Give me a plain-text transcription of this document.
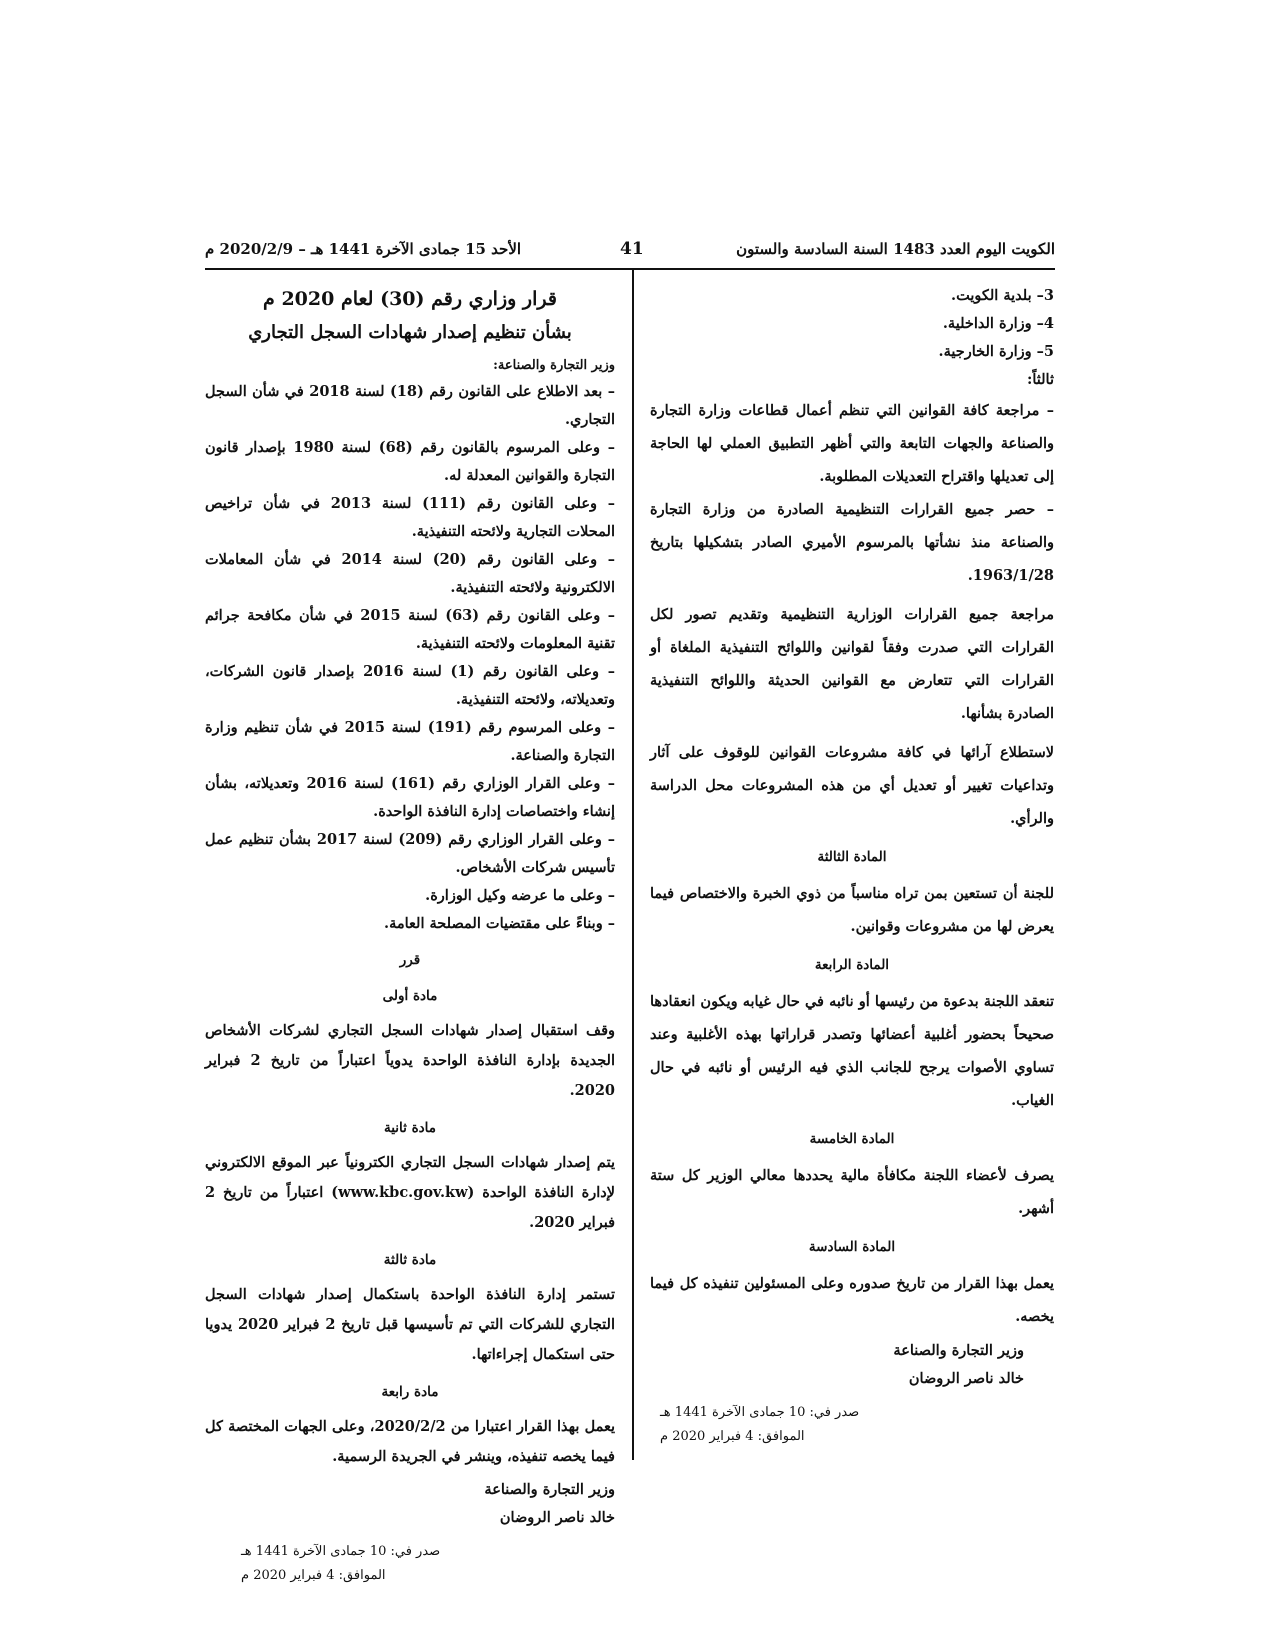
الكويت اليوم العدد 1483 السنة السادسة والستون
41
الأحد 15 جمادى الآخرة 1441 هـ – 2020/2/9 م

3– بلدية الكويت.

4– وزارة الداخلية.

5– وزارة الخارجية.

ثالثاً:

– مراجعة كافة القوانين التي تنظم أعمال قطاعات وزارة التجارة والصناعة والجهات التابعة والتي أظهر التطبيق العملي لها الحاجة إلى تعديلها واقتراح التعديلات المطلوبة.

– حصر جميع القرارات التنظيمية الصادرة من وزارة التجارة والصناعة منذ نشأتها بالمرسوم الأميري الصادر بتشكيلها بتاريخ 1963/1/28.

مراجعة جميع القرارات الوزارية التنظيمية وتقديم تصور لكل القرارات التي صدرت وفقاً لقوانين واللوائح التنفيذية الملغاة أو القرارات التي تتعارض مع القوانين الحديثة واللوائح التنفيذية الصادرة بشأنها.

لاستطلاع آرائها في كافة مشروعات القوانين للوقوف على آثار وتداعيات تغيير أو تعديل أي من هذه المشروعات محل الدراسة والرأي.

المادة الثالثة

للجنة أن تستعين بمن تراه مناسباً من ذوي الخبرة والاختصاص فيما يعرض لها من مشروعات وقوانين.

المادة الرابعة

تنعقد اللجنة بدعوة من رئيسها أو نائبه في حال غيابه ويكون انعقادها صحيحاً بحضور أغلبية أعضائها وتصدر قراراتها بهذه الأغلبية وعند تساوي الأصوات يرجح للجانب الذي فيه الرئيس أو نائبه في حال الغياب.

المادة الخامسة

يصرف لأعضاء اللجنة مكافأة مالية يحددها معالي الوزير كل ستة أشهر.

المادة السادسة

يعمل بهذا القرار من تاريخ صدوره وعلى المسئولين تنفيذه كل فيما يخصه.

وزير التجارة والصناعة

خالد ناصر الروضان

صدر في: 10 جمادى الآخرة 1441 هـ

الموافق: 4 فبراير 2020 م

قرار وزاري رقم (30) لعام 2020 م

بشأن تنظيم إصدار شهادات السجل التجاري

وزير التجارة والصناعة:

– بعد الاطلاع على القانون رقم (18) لسنة 2018 في شأن السجل التجاري.

– وعلى المرسوم بالقانون رقم (68) لسنة 1980 بإصدار قانون التجارة والقوانين المعدلة له.

– وعلى القانون رقم (111) لسنة 2013 في شأن تراخيص المحلات التجارية ولائحته التنفيذية.

– وعلى القانون رقم (20) لسنة 2014 في شأن المعاملات الالكترونية ولائحته التنفيذية.

– وعلى القانون رقم (63) لسنة 2015 في شأن مكافحة جرائم تقنية المعلومات ولائحته التنفيذية.

– وعلى القانون رقم (1) لسنة 2016 بإصدار قانون الشركات، وتعديلاته، ولائحته التنفيذية.

– وعلى المرسوم رقم (191) لسنة 2015 في شأن تنظيم وزارة التجارة والصناعة.

– وعلى القرار الوزاري رقم (161) لسنة 2016 وتعديلاته، بشأن إنشاء واختصاصات إدارة النافذة الواحدة.

– وعلى القرار الوزاري رقم (209) لسنة 2017 بشأن تنظيم عمل تأسيس شركات الأشخاص.

– وعلى ما عرضه وكيل الوزارة.

– وبناءً على مقتضيات المصلحة العامة.

قرر

مادة أولى

وقف استقبال إصدار شهادات السجل التجاري لشركات الأشخاص الجديدة بإدارة النافذة الواحدة يدوياً اعتباراً من تاريخ 2 فبراير 2020.

مادة ثانية

يتم إصدار شهادات السجل التجاري الكترونياً عبر الموقع الالكتروني لإدارة النافذة الواحدة (www.kbc.gov.kw) اعتباراً من تاريخ 2 فبراير 2020.

مادة ثالثة

تستمر إدارة النافذة الواحدة باستكمال إصدار شهادات السجل التجاري للشركات التي تم تأسيسها قبل تاريخ 2 فبراير 2020 يدويا حتى استكمال إجراءاتها.

مادة رابعة

يعمل بهذا القرار اعتبارا من 2020/2/2، وعلى الجهات المختصة كل فيما يخصه تنفيذه، وينشر في الجريدة الرسمية.

وزير التجارة والصناعة

خالد ناصر الروضان

صدر في: 10 جمادى الآخرة 1441 هـ

الموافق: 4 فبراير 2020 م
